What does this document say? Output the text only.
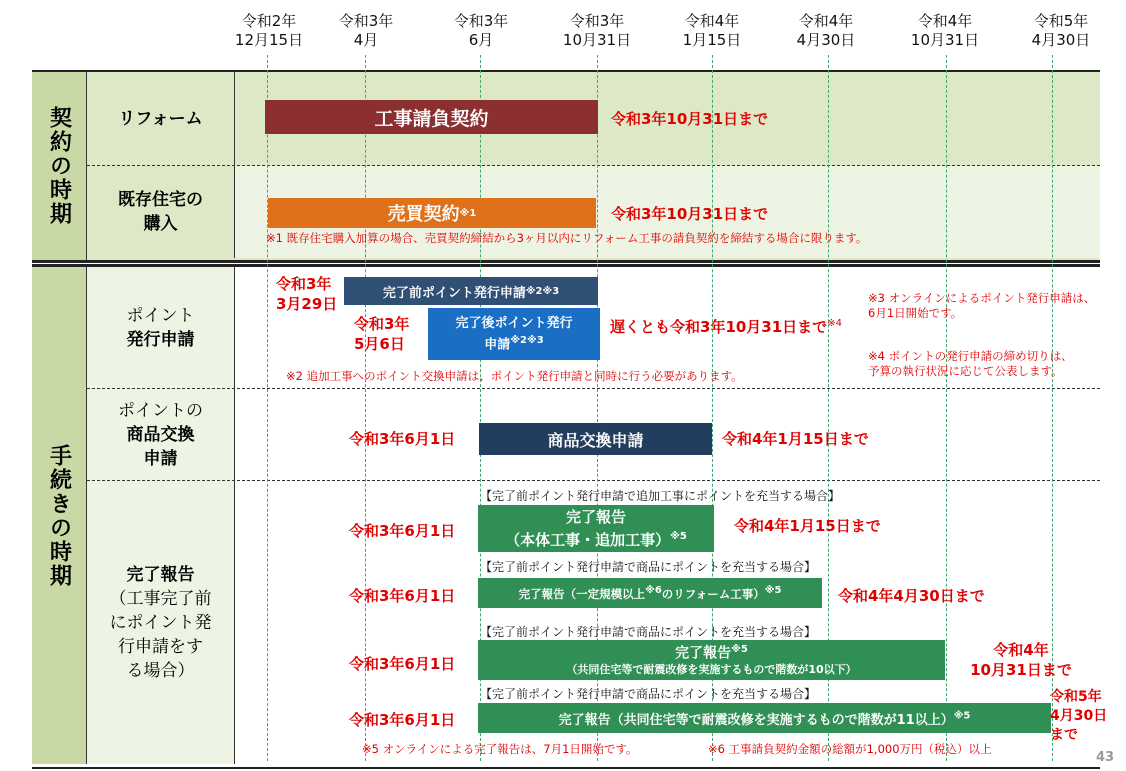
令和2年
12月15日
令和3年
4月
令和3年
6月
令和3年
10月31日
令和4年
1月15日
令和4年
4月30日
令和4年
10月31日
令和5年
4月30日
契約の時期
手続きの時期
リフォーム
既存住宅の
購入
ポイント
発行申請
ポイントの
商品交換
申請
完了報告
（工事完了前
にポイント発
行申請をす
る場合）
工事請負契約	令和3年10月31日まで
売買契約 ※1	令和3年10月31日まで
※1 既存住宅購入加算の場合、売買契約締結から3ヶ月以内にリフォーム工事の請負契約を締結する場合に限ります。
令和3年
3月29日
完了前ポイント発行申請 ※2※3
令和3年
5月6日
完了後ポイント発行
申請$^{※2※3}$

遅くとも令和3年10月31日まで$^{※4}$

※3 オンラインによるポイント発行申請は、
6月1日開始です。
※4 ポイントの発行申請の締め切りは、
予算の執行状況に応じて公表します。
※2 追加工事へのポイント交換申請は、ポイント発行申請と同時に行う必要があります。
令和3年6月1日	商品交換申請	令和4年1月15日まで
【完了前ポイント発行申請で追加工事にポイントを充当する場合】
令和3年6月1日
完了報告
（本体工事・追加工事）$^{※5}$
令和4年1月15日まで
【完了前ポイント発行申請で商品にポイントを充当する場合】
令和3年6月1日	完了報告（一定規模以上$^{※6}$のリフォーム工事）$^{※5}$	令和4年4月30日まで
【完了前ポイント発行申請で商品にポイントを充当する場合】
令和3年6月1日
完了報告$^{※5}$
（共同住宅等で耐震改修を実施するもので階数が10以下）
令和4年
10月31日まで
【完了前ポイント発行申請で商品にポイントを充当する場合】
令和3年6月1日	完了報告（共同住宅等で耐震改修を実施するもので階数が11以上）$^{※5}$
令和5年
4月30日
まで
※5 オンラインによる完了報告は、7月1日開始です。	※6 工事請負契約金額の総額が1,000万円（税込）以上
43
